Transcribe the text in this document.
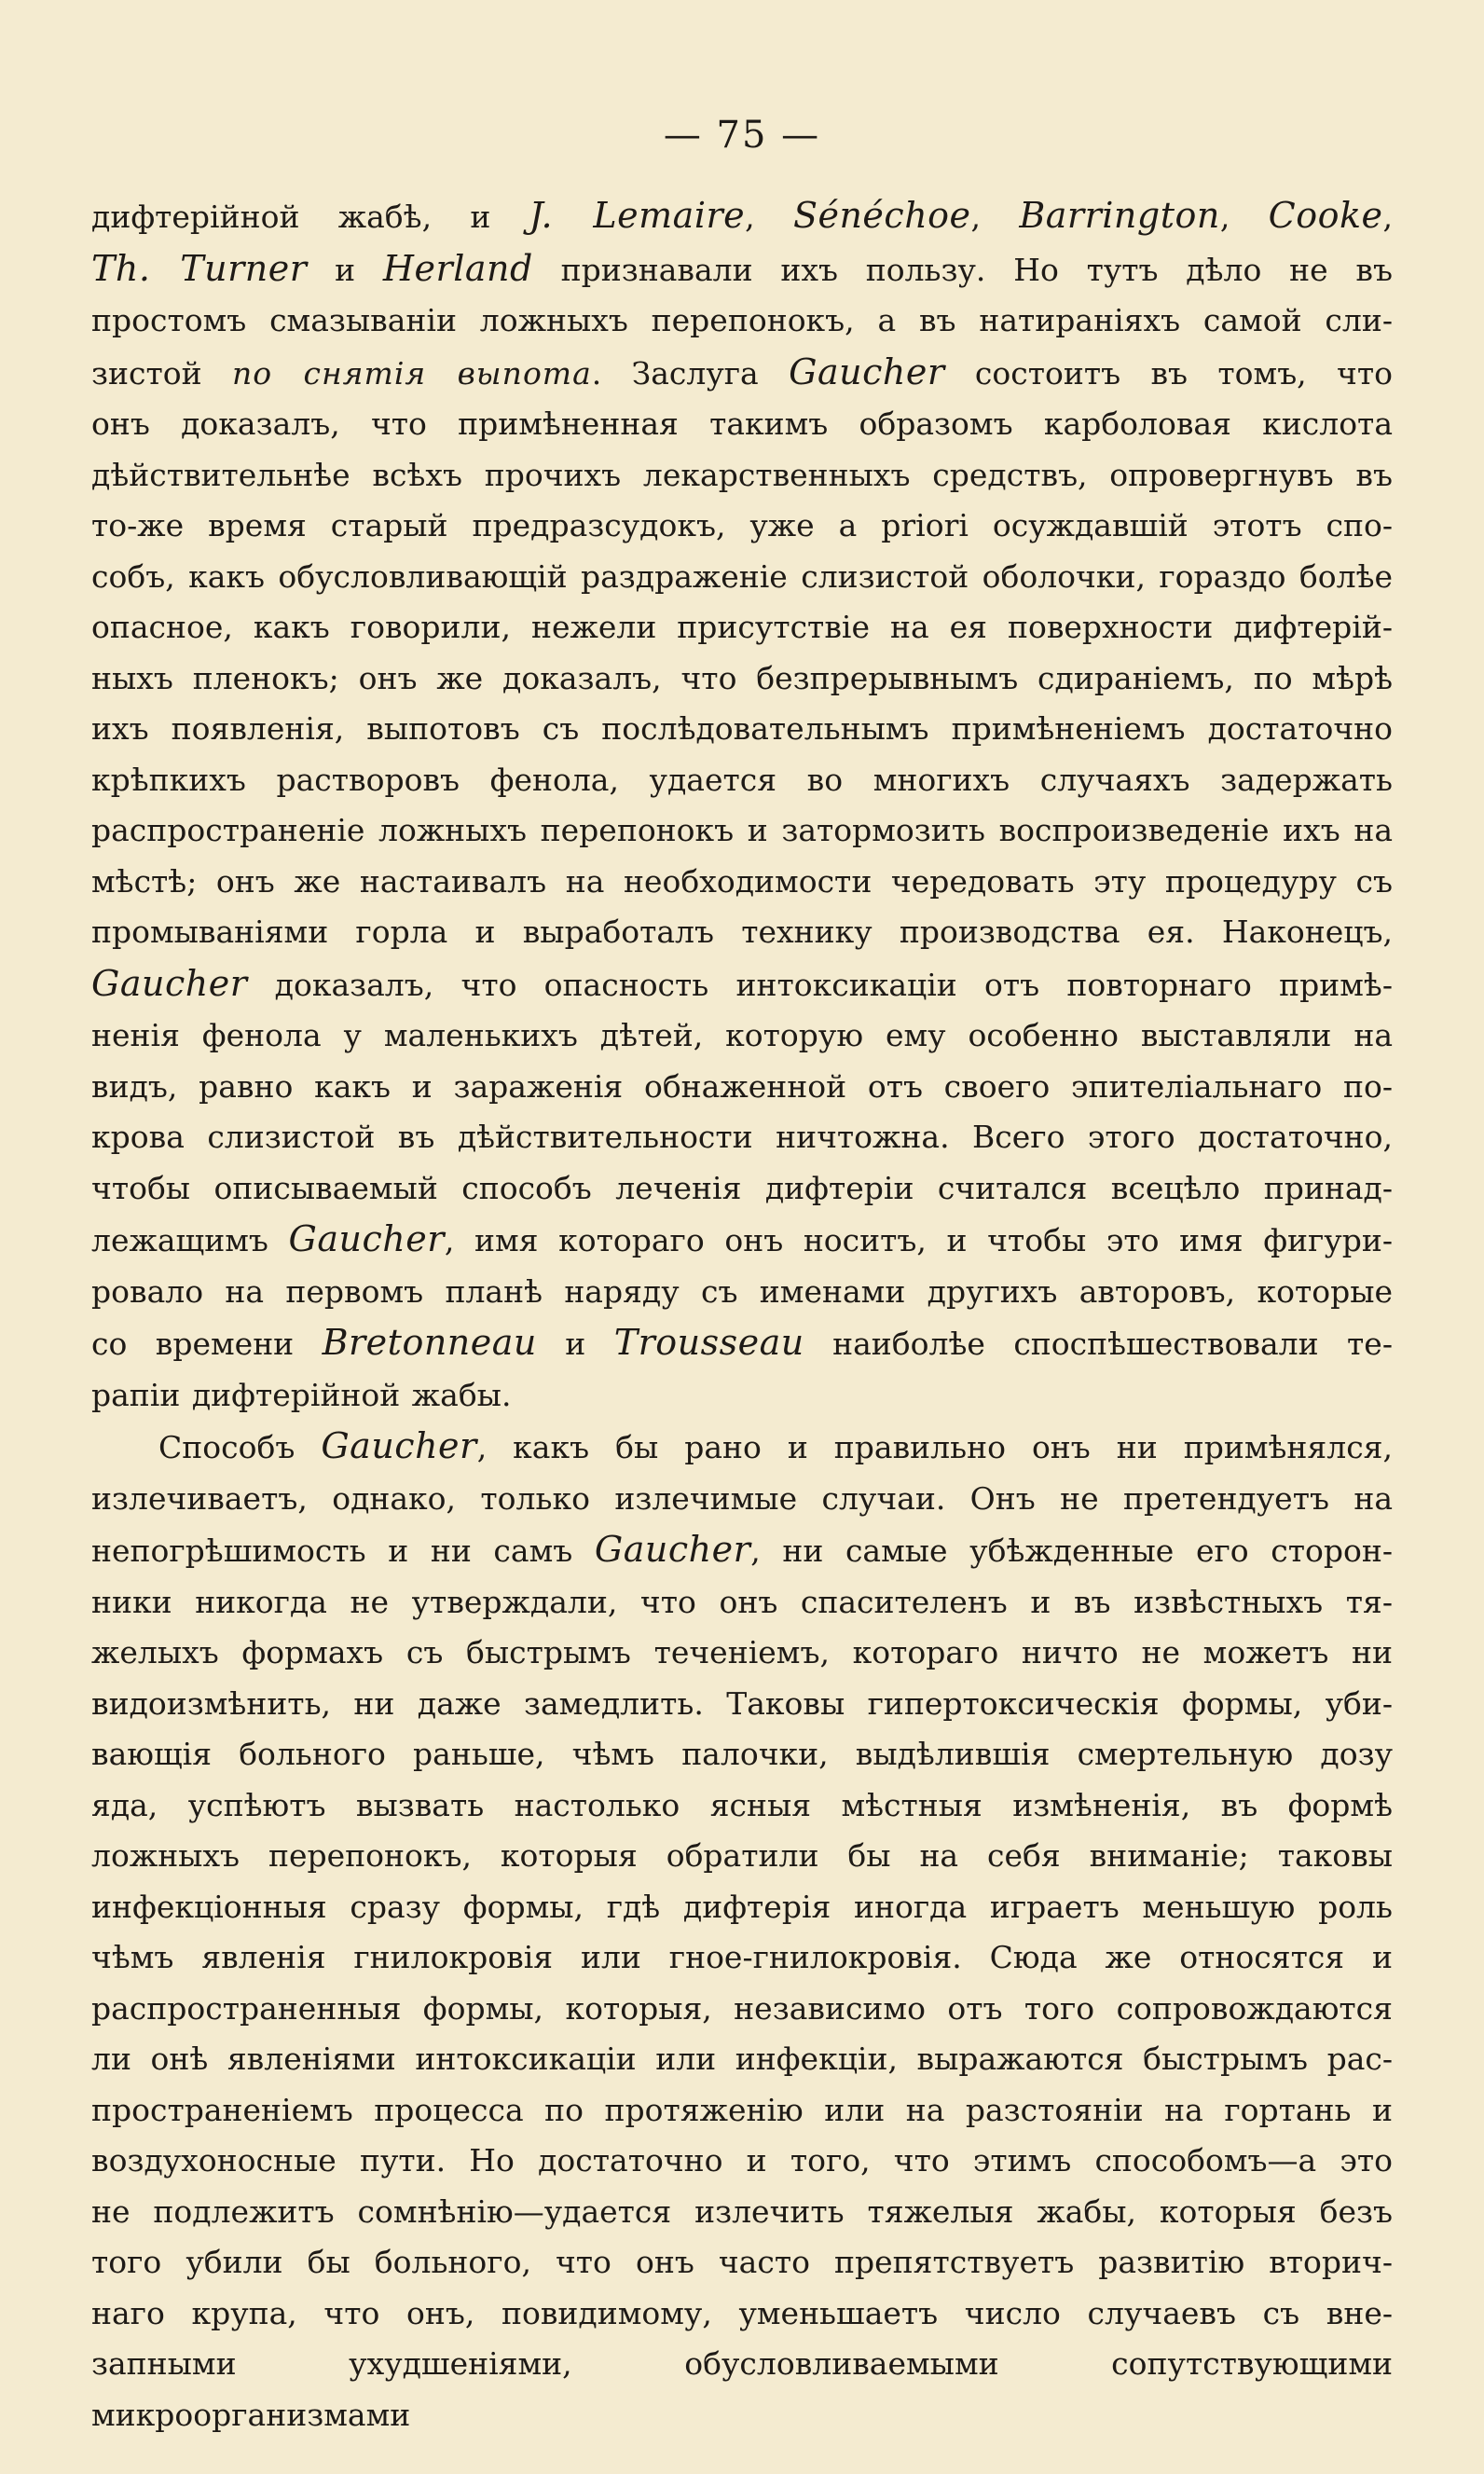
— 75 —

дифтерійной жабѣ, и J. Lemaire, Sénéchoe, Barrington, Cooke,

Th. Turner и Herland признавали ихъ пользу. Но тутъ дѣло не въ

простомъ смазываніи ложныхъ перепонокъ, а въ натираніяхъ самой сли-

зистой по снятія выпота. Заслуга Gaucher состоитъ въ томъ, что

онъ доказалъ, что примѣненная такимъ образомъ карболовая кислота

дѣйствительнѣе всѣхъ прочихъ лекарственныхъ средствъ, опровергнувъ въ

то-же время старый предразсудокъ, уже a priori осуждавшій этотъ спо-

собъ, какъ обусловливающій раздраженіе слизистой оболочки, гораздо болѣе

опасное, какъ говорили, нежели присутствіе на ея поверхности дифтерій-

ныхъ пленокъ; онъ же доказалъ, что безпрерывнымъ сдираніемъ, по мѣрѣ

ихъ появленія, выпотовъ съ послѣдовательнымъ примѣненіемъ достаточно

крѣпкихъ растворовъ фенола, удается во многихъ случаяхъ задержать

распространеніе ложныхъ перепонокъ и затормозить воспроизведеніе ихъ на

мѣстѣ; онъ же настаивалъ на необходимости чередовать эту процедуру съ

промываніями горла и выработалъ технику производства ея. Наконецъ,

Gaucher доказалъ, что опасность интоксикаціи отъ повторнаго примѣ-

ненія фенола у маленькихъ дѣтей, которую ему особенно выставляли на

видъ, равно какъ и зараженія обнаженной отъ своего эпителіальнаго по-

крова слизистой въ дѣйствительности ничтожна. Всего этого достаточно,

чтобы описываемый способъ леченія дифтеріи считался всецѣло принад-

лежащимъ Gaucher, имя котораго онъ носитъ, и чтобы это имя фигури-

ровало на первомъ планѣ наряду съ именами другихъ авторовъ, которые

со времени Bretonneau и Trousseau наиболѣе споспѣшествовали те-

рапіи дифтерійной жабы.

Способъ Gaucher, какъ бы рано и правильно онъ ни примѣнялся,

излечиваетъ, однако, только излечимые случаи. Онъ не претендуетъ на

непогрѣшимость и ни самъ Gaucher, ни самые убѣжденные его сторон-

ники никогда не утверждали, что онъ спасителенъ и въ извѣстныхъ тя-

желыхъ формахъ съ быстрымъ теченіемъ, котораго ничто не можетъ ни

видоизмѣнить, ни даже замедлить. Таковы гипертоксическія формы, уби-

вающія больного раньше, чѣмъ палочки, выдѣлившія смертельную дозу

яда, успѣютъ вызвать настолько ясныя мѣстныя измѣненія, въ формѣ

ложныхъ перепонокъ, которыя обратили бы на себя вниманіе; таковы

инфекціонныя сразу формы, гдѣ дифтерія иногда играетъ меньшую роль

чѣмъ явленія гнилокровія или гное-гнилокровія. Сюда же относятся и

распространенныя формы, которыя, независимо отъ того сопровождаются

ли онѣ явленіями интоксикаціи или инфекціи, выражаются быстрымъ рас-

пространеніемъ процесса по протяженію или на разстояніи на гортань и

воздухоносные пути. Но достаточно и того, что этимъ способомъ—а это

не подлежитъ сомнѣнію—удается излечить тяжелыя жабы, которыя безъ

того убили бы больного, что онъ часто препятствуетъ развитію вторич-

наго крупа, что онъ, повидимому, уменьшаетъ число случаевъ съ вне-

запными ухудшеніями, обусловливаемыми сопутствующими микроорганизмами
